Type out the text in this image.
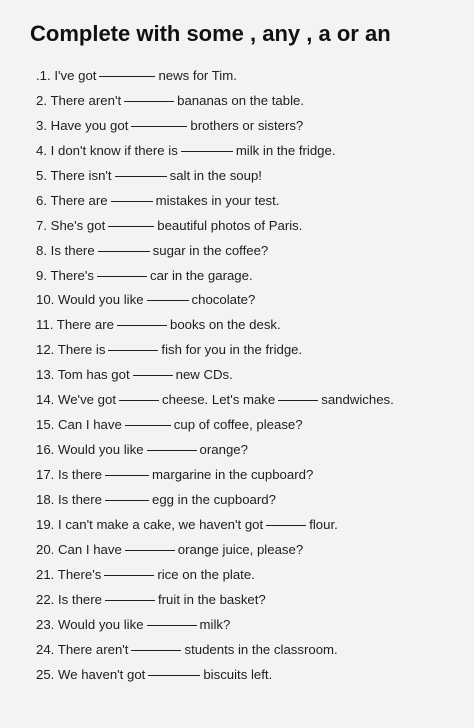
Complete with some , any , a or an
.1. I've got	news for Tim.
2. There aren't	bananas on the table.
3. Have you got	brothers or sisters?
4. I don't know if there is	milk in the fridge.
5. There isn't	salt in the soup!
6. There are	mistakes in your test.
7. She's got	beautiful photos of Paris.
8. Is there	sugar in the coffee?
9. There's	car in the garage.
10. Would you like	chocolate?
11. There are	books on the desk.
12. There is	fish for you in the fridge.
13. Tom has got	new CDs.
14. We've got	cheese. Let's make	sandwiches.
15. Can I have	cup of coffee, please?
16. Would you like	orange?
17. Is there	margarine in the cupboard?
18. Is there	egg in the cupboard?
19. I can't make a cake, we haven't got	flour.
20. Can I have	orange juice, please?
21. There's	rice on the plate.
22. Is there	fruit in the basket?
23. Would you like	milk?
24. There aren't	students in the classroom.
25. We haven't got	biscuits left.
